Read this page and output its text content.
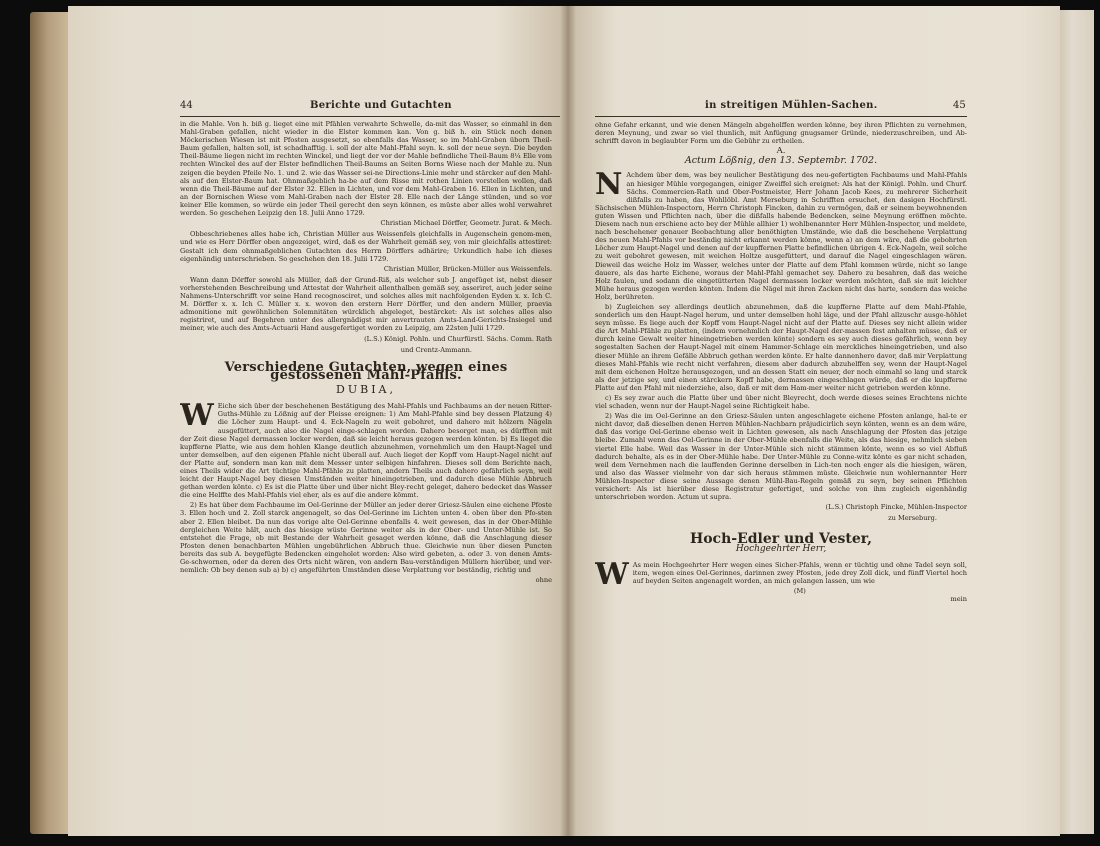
44	Berichte und Gutachten

in die Mahle. Von h. biß g. lieget eine mit Pfählen verwahrte Schwelle, da-mit das Wasser, so einmahl in den Mahl-Graben gefallen, nicht wieder in die Elster kommen kan. Von g. biß h. ein Stück noch denen Möckerischen Wiesen ist mit Pfosten ausgesetzt, so ebenfalls das Wasser, so im Mahl-Graben üborn Theil-Baum gefallen, halten soll, ist schadhafftig. i. soll der alte Mahl-Pfahl seyn. k. soll der neue seyn. Die beyden Theil-Bäume liegen nicht im rechten Winckel, und liegt der vor der Mahle befindliche Theil-Baum 8¼ Elle vom rechten Winckel des auf der Elster befindlichen Theil-Baums an Seiten Borns Wiese nach der Mahle zu. Nun zeigen die beyden Pfeile No. 1. und 2. wie das Wasser sei-ne Directions-Linie mehr und stärcker auf den Mahl-als auf den Elster-Baum hat. Ohnmaßgeblich ha-be auf dem Risse mit rothen Linien vorstellen wollen, daß wenn die Theil-Bäume auf der Elster 32. Ellen in Lichten, und vor dem Mahl-Graben 16. Ellen in Lichten, und an der Bornischen Wiese vom Mahl-Graben nach der Elster 28. Elle nach der Länge stünden, und so vor keiner Elle kommen, so würde ein jeder Theil gerecht den seyn können, es müste aber alles wohl verwahret werden. So geschehen Leipzig den 18. Julii Anno 1729.

Christian Michael Dörffer, Geometr. Jurat. & Mech.

Obbeschriebenes alles habe ich, Christian Müller aus Weissenfels gleichfalls in Augenschein genom-men, und wie es Herr Dörffer oben angezeiget, wird, daß es der Wahrheit gemäß sey, von mir gleichfalls attestiret: Gestalt ich dem ohnmaßgeblichen Gutachten des Herrn Dörffers adhärire; Urkundlich habe ich dieses eigenhändig unterschrieben. So geschehen den 18. Julii 1729.

Christian Müller, Brücken-Müller aus Weissenfels.

Wann dann Dörffer sowohl als Müller, daß der Grund-Riß, als welcher sub J. angefüget ist, nebst dieser vorherstehenden Beschreibung und Attestat der Wahrheit allenthalben gemäß sey, asseriret, auch jeder seine Nahmens-Unterschrifft vor seine Hand recognosciret, und solches alles mit nachfolgenden Eyden x. x. Ich C. M. Dörffer x. x. Ich C. Müller x. x. wovon den erstern Herr Dörffer, und den andern Müller, praevia admonitione mit gewöhnlichen Solemnitäten würcklich abgeleget, bestärcket: Als ist solches alles also registriret, und auf Begehren unter des allergnädigst mir anvertrauten Amts-Land-Gerichts-Insiegel und meiner, wie auch des Amts-Actuarii Hand ausgefertiget worden zu Leipzig, am 22sten Julii 1729.

(L.S.) Königl. Pohln. und Churfürstl. Sächs. Comm. Rath
und Crentz-Ammann.
Verschiedene Gutachten, wegen eines gestossenen Mahl-Pfahls.
DUBIA,

W Eiche sich über der beschehenen Bestätigung des Mahl-Pfahls und Fachbaums an der neuen Ritter-Guths-Mühle zu Lößnig auf der Pleisse ereignen: 1) Am Mahl-Pfahle sind bey dessen Platzung 4) die Löcher zum Haupt- und 4. Eck-Nageln zu weit gebohret, und dahero mit hölzern Nägeln ausgefüttert, auch also die Nagel einge-schlagen worden. Dahero besorget man, es dürfften mit der Zeit diese Nagel dermassen locker werden, daß sie leicht heraus gezogen werden könten. b) Es lieget die kupfferne Platte, wie aus dem hohlen Klange deutlich abzunehmen, vornehmlich um den Haupt-Nagel und unter demselben, auf den eigenen Pfahle nicht überall auf. Auch lieget der Kopff vom Haupt-Nagel nicht auf der Platte auf, sondern man kan mit dem Messer unter selbigen hinfahren. Dieses soll dem Berichte nach, eines Theils wider die Art tüchtige Mahl-Pfähle zu platten, andern Theils auch dahero gefährlich seyn, weil leicht der Haupt-Nagel bey diesen Umständen weiter hineingetrieben, und dadurch diese Mühle Abbruch gethan werden könte. c) Es ist die Platte über und über nicht Bley-recht geleget, dahero bedecket das Wasser die eine Helffte des Mahl-Pfahls viel eher, als es auf die andere kömmt.

2) Es hat über dem Fachbaume im Oel-Gerinne der Müller an jeder derer Griesz-Säulen eine eichene Pfoste 3. Ellen hoch und 2. Zoll starck angenagelt, so das Oel-Gerinne im Lichten unten 4. oben über den Pfo-sten aber 2. Ellen bleibet. Da nun das vorige alte Oel-Gerinne ebenfalls 4. weit gewesen, das in der Ober-Mühle dergleichen Weite hält, auch das hiesige wüste Gerinne weiter als in der Ober- und Unter-Mühle ist. So entstehet die Frage, ob mit Bestande der Wahrheit gesaget werden könne, daß die Anschlagung dieser Pfosten denen benachbarten Mühlen ungebührlichen Abbruch thue. Gleichwie nun über diesen Puncten bereits das sub A. beygefügte Bedencken eingeholet worden: Also wird gebeten, a. oder 3. von denen Amts-Ge-schwornen, oder da deren des Orts nicht wären, von andern Bau-verständigen Müllern hierüber, und ver-nemlich: Ob bey denen sub a) b) c) angeführten Umständen diese Verplattung vor beständig, richtig und

ohne
in streitigen Mühlen-Sachen.	45

ohne Gefahr erkannt, und wie denen Mängeln abgeholffen werden könne, bey ihren Pflichten zu vernehmen, deren Meynung, und zwar so viel thunlich, mit Anfügung gnugsamer Gründe, niederzuschreiben, und Ab-schrifft davon in beglaubter Form um die Gebühr zu ertheilen.

A.
Actum Lößnig, den 13. Septembr. 1702.

N Achdem über dem, was bey neulicher Bestätigung des neu-gefertigten Fachbaums und Mahl-Pfahls an hiesiger Mühle vorgegangen, einiger Zweiffel sich ereignet: Als hat der Königl. Pohln. und Churf. Sächs. Commercien-Rath und Ober-Postmeister, Herr Johann Jacob Kees, zu mehrerer Sicherheit dißfalls zu haben, das Wohllöbl. Amt Merseburg in Schrifften ersuchet, den dasigen Hochfürstl. Sächsischen Mühlen-Inspectorn, Herrn Christoph Fincken, dahin zu vermögen, daß er seinem beywohnenden guten Wissen und Pflichten nach, über die dißfalls habende Bedencken, seine Meynung eröffnen möchte. Diesem nach nun erschiene acto bey der Mühle allhier 1) wohlbenannter Herr Mühlen-Inspector, und meldete, nach beschehener genauer Beobachtung aller benöthigten Umstände, wie daß die beschehene Verplattung des neuen Mahl-Pfahls vor beständig nicht erkannt werden könne, wenn a) an dem wäre, daß die gebohrten Löcher zum Haupt-Nagel und denen auf der kupffernen Platte befindlichen übrigen 4. Eck-Nageln, weil solche zu weit gebohret gewesen, mit weichen Holtze ausgefüttert, und darauf die Nagel eingeschlagen wären. Dieweil das weiche Holz im Wasser, welches unter der Platte auf dem Pfahl kommen würde, nicht so lange dauere, als das harte Eichene, woraus der Mahl-Pfahl gemachet sey. Dahero zu besahren, daß das weiche Holz faulen, und sodann die eingetütterten Nagel dermassen locker werden möchten, daß sie mit leichter Mühe heraus gezogen werden könten. Indem die Nägel mit ihren Zacken nicht das harte, sondern das weiche Holz, berühreten.

b) Zugleichen sey allerdings deutlich abzunehmen, daß die kupfferne Platte auf dem Mahl-Pfahle, sonderlich um den Haupt-Nagel herum, und unter demselben hohl läge, und der Pfahl allzuschr ausge-höhlet seyn müsse. Es liege auch der Kopff vom Haupt-Nagel nicht auf der Platte auf. Dieses sey nicht allein wider die Art Mahl-Pfähle zu platten, (indem vornehmlich der Haupt-Nagel der-massen fest anhalten müsse, daß er durch keine Gewalt weiter hineingetrieben werden könte) sondern es sey auch dieses gefährlich, wenn bey sogestalten Sachen der Haupt-Nagel mit einem Hammer-Schlage ein merckliches hineingetrieben, und also dieser Mühle an ihrem Gefälle Abbruch gethan werden könte. Er halte dannenhero davor, daß mir Verplattung dieses Mahl-Pfahls wie recht nicht verfahren, diesem aber dadurch abzuhelffen sey, wenn der Haupt-Nagel mit dem eichenen Holtze herausgezogen, und an dessen Statt ein neuer, der noch einmahl so lang und starck als der jetzige sey, und einen stärckern Kopff habe, dermassen eingeschlagen würde, daß er die kupfferne Platte auf den Pfahl mit niederziehe, also, daß er mit dem Ham-mer weiter nicht getrieben werden könne.

c) Es sey zwar auch die Platte über und über nicht Bleyrecht, doch werde dieses seines Erachtens nichte viel schaden, wenn nur der Haupt-Nagel seine Richtigkeit habe.

2) Was die im Oel-Gerinne an den Griesz-Säulen unten angeschlagete eichene Pfosten anlange, hal-te er nicht davor, daß dieselben denen Herren Mühlen-Nachbarn präjudicirlich seyn könten, wenn es an dem wäre, daß das vorige Oel-Gerinne ebenso weit in Lichten gewesen, als nach Anschlagung der Pfosten das jetzige bleibe. Zumahl wenn das Oel-Gerinne in der Ober-Mühle ebenfalls die Weite, als das hiesige, nehmlich sieben viertel Elle habe. Weil das Wasser in der Unter-Mühle sich nicht stämmen könte, wenn es so viel Abfluß dadurch behalte, als es in der Ober-Mühle habe. Der Unter-Mühle zu Conne-witz könte es gar nicht schaden, weil dem Vernehmen nach die lauffenden Gerinne derselben in Lich-ten noch enger als die hiesigen, wären, und also das Wasser vielmehr von dar sich heraus stämmen müste. Gleichwie nun wohlernannter Herr Mühlen-Inspector diese seine Aussage denen Mühl-Bau-Regeln gemäß zu seyn, bey seinen Pflichten versichert: Als ist hierüber diese Registratur gefertiget, und solche von ihm zugleich eigenhändig unterschrieben worden. Actum ut supra.

(L.S.) Christoph Fincke, Mühlen-Inspector
zu Merseburg.
Hoch-Edler und Vester,
Hochgeehrter Herr,

W As mein Hochgeehrter Herr wegen eines Sicher-Pfahls, wenn er tüchtig und ohne Tadel seyn soll, item, wegen eines Oel-Gerinnes, darinnen zwey Pfosten, jede drey Zoll dick, und fünff Viertel hoch auf beyden Seiten angenagelt worden, an mich gelangen lassen, um wie

(M)
mein
